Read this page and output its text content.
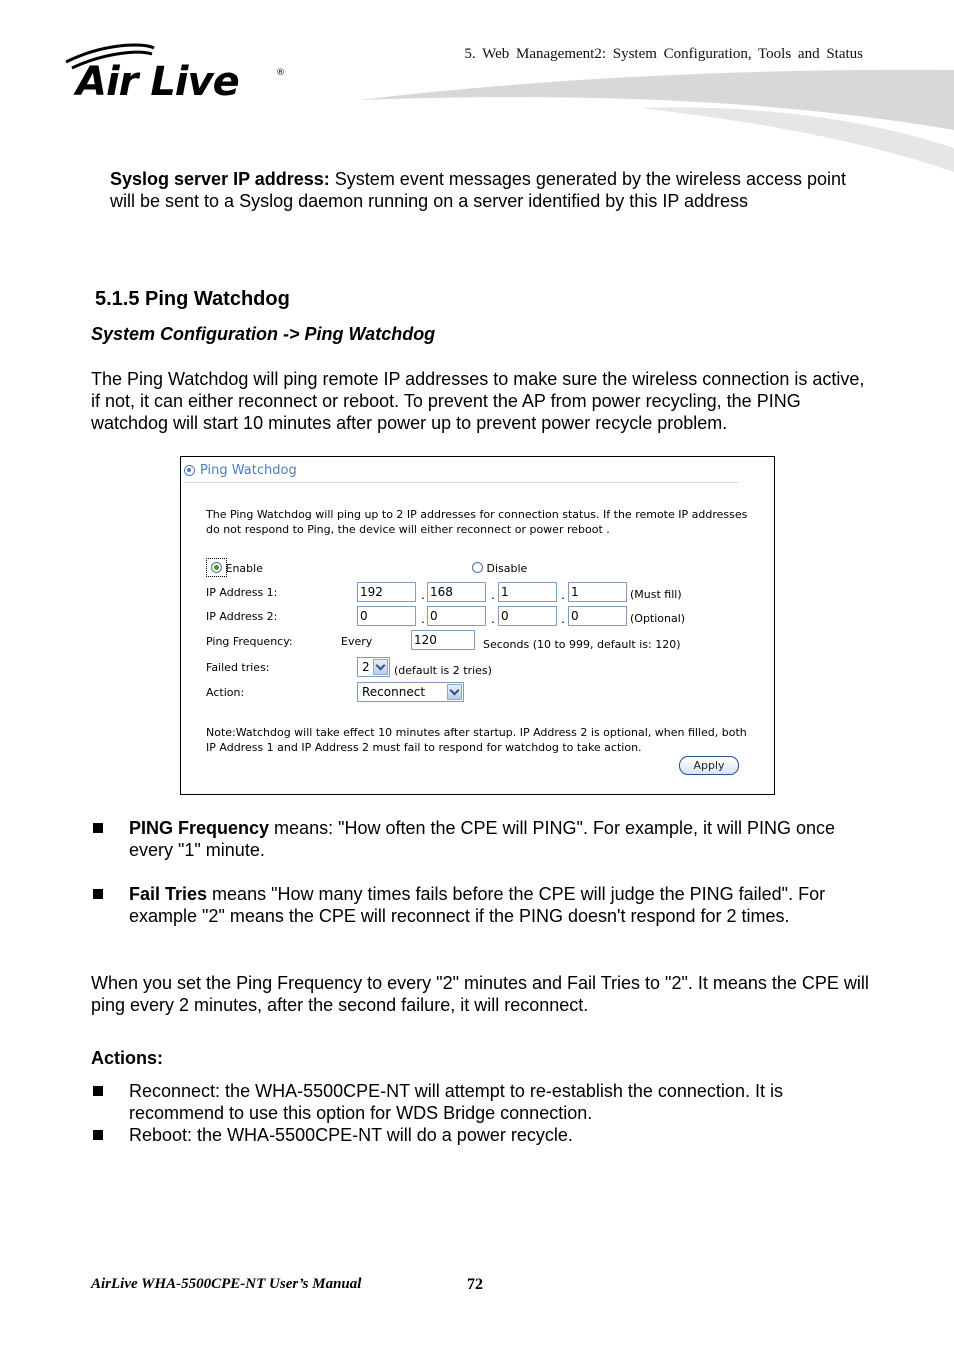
Air Live	®
5. Web Management2: System Configuration, Tools and Status
Syslog server IP address: System event messages generated by the wireless access point will be sent to a Syslog daemon running on a server identified by this IP address
5.1.5 Ping Watchdog
System Configuration -> Ping Watchdog
The Ping Watchdog will ping remote IP addresses to make sure the wireless connection is active, if not, it can either reconnect or reboot. To prevent the AP from power recycling, the PING watchdog will start 10 minutes after power up to prevent power recycle problem.
Ping Watchdog
The Ping Watchdog will ping up to 2 IP addresses for connection status. If the remote IP addresses do not respond to Ping, the device will either reconnect or power reboot .
Enable	Disable
IP Address 1:	192	. 168	. 1	. 1	(Must fill)
IP Address 2:	0	. 0	. 0	. 0	(Optional)
Ping Frequency:	Every	120	Seconds (10 to 999, default is: 120)
Failed tries:	2	(default is 2 tries)
Action:	Reconnect
Note:Watchdog will take effect 10 minutes after startup. IP Address 2 is optional, when filled, both IP Address 1 and IP Address 2 must fail to respond for watchdog to take action.
Apply
PING Frequency means: "How often the CPE will PING". For example, it will PING once every "1" minute.
Fail Tries means "How many times fails before the CPE will judge the PING failed". For example "2" means the CPE will reconnect if the PING doesn't respond for 2 times.
When you set the Ping Frequency to every "2" minutes and Fail Tries to "2". It means the CPE will ping every 2 minutes, after the second failure, it will reconnect.
Actions:
Reconnect: the WHA-5500CPE-NT will attempt to re-establish the connection. It is recommend to use this option for WDS Bridge connection.
Reboot: the WHA-5500CPE-NT will do a power recycle.
AirLive WHA-5500CPE-NT User’s Manual	72
